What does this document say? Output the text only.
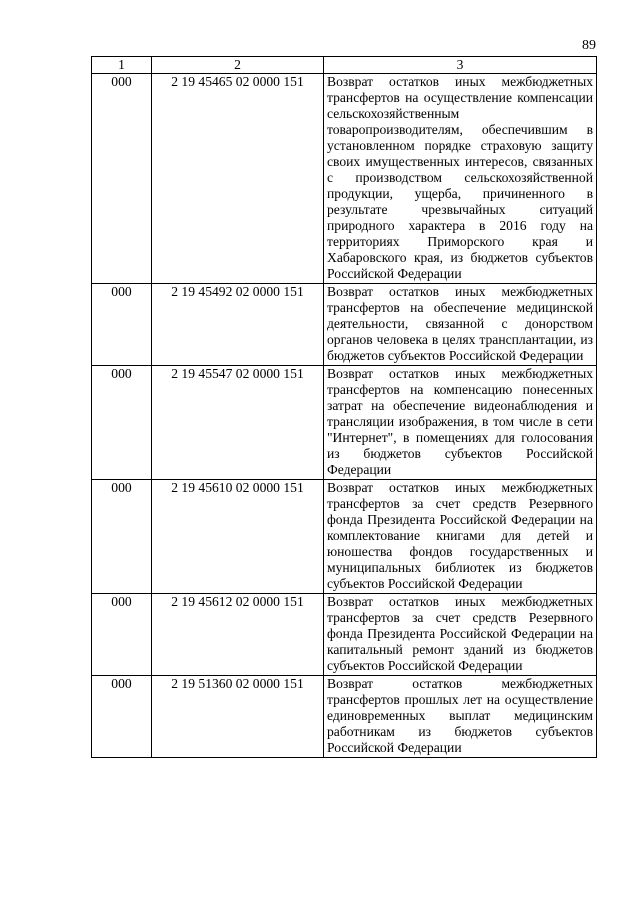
89
1	2	3
000	2 19 45465 02 0000 151	Возврат остатков иных межбюджетных трансфертов на осуществление компенсации сельскохозяйственным товаропроизводителям, обеспечившим в установленном порядке страховую защиту своих имущественных интересов, связанных с производством сельскохозяйственной продукции, ущерба, причиненного в результате чрезвычайных ситуаций природного характера в 2016 году на территориях Приморского края и Хабаровского края, из бюджетов субъектов Российской Федерации
000	2 19 45492 02 0000 151	Возврат остатков иных межбюджетных трансфертов на обеспечение медицинской деятельности, связанной с донорством органов человека в целях трансплантации, из бюджетов субъектов Российской Федерации
000	2 19 45547 02 0000 151	Возврат остатков иных межбюджетных трансфертов на компенсацию понесенных затрат на обеспечение видеонаблюдения и трансляции изображения, в том числе в сети "Интернет", в помещениях для голосования из бюджетов субъектов Российской Федерации
000	2 19 45610 02 0000 151	Возврат остатков иных межбюджетных трансфертов за счет средств Резервного фонда Президента Российской Федерации на комплектование книгами для детей и юношества фондов государственных и муниципальных библиотек из бюджетов субъектов Российской Федерации
000	2 19 45612 02 0000 151	Возврат остатков иных межбюджетных трансфертов за счет средств Резервного фонда Президента Российской Федерации на капитальный ремонт зданий из бюджетов субъектов Российской Федерации
000	2 19 51360 02 0000 151	Возврат остатков межбюджетных трансфертов прошлых лет на осуществление единовременных выплат медицинским работникам из бюджетов субъектов Российской Федерации
